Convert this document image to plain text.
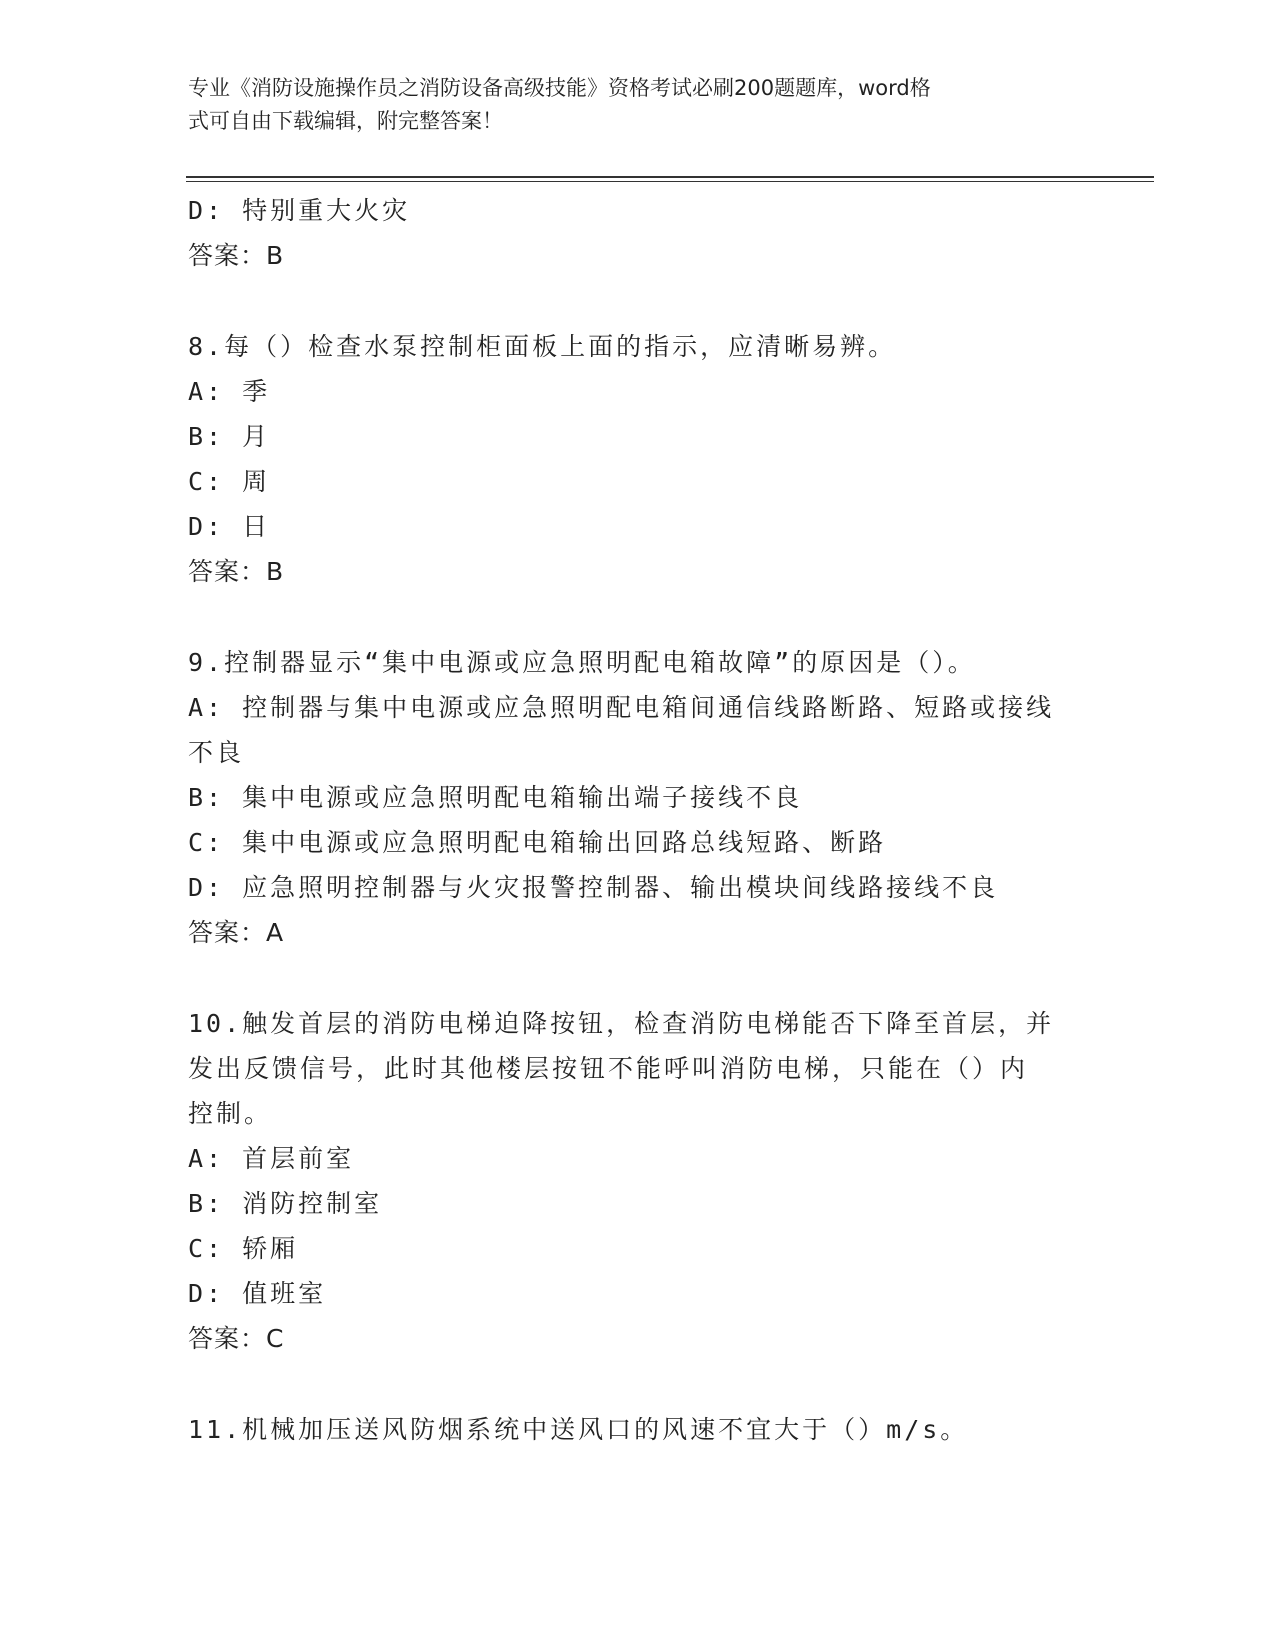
专业《消防设施操作员之消防设备高级技能》资格考试必刷200题题库，word格
式可自由下载编辑，附完整答案！
D: 特别重大火灾
答案：B
8.每（）检查水泵控制柜面板上面的指示，应清晰易辨。
A: 季
B: 月
C: 周
D: 日
答案：B
9.控制器显示“集中电源或应急照明配电箱故障”的原因是（）。
A: 控制器与集中电源或应急照明配电箱间通信线路断路、短路或接线
不良
B: 集中电源或应急照明配电箱输出端子接线不良
C: 集中电源或应急照明配电箱输出回路总线短路、断路
D: 应急照明控制器与火灾报警控制器、输出模块间线路接线不良
答案：A
10.触发首层的消防电梯迫降按钮，检查消防电梯能否下降至首层，并
发出反馈信号，此时其他楼层按钮不能呼叫消防电梯，只能在（）内
控制。
A: 首层前室
B: 消防控制室
C: 轿厢
D: 值班室
答案：C
11.机械加压送风防烟系统中送风口的风速不宜大于（）m/s。
